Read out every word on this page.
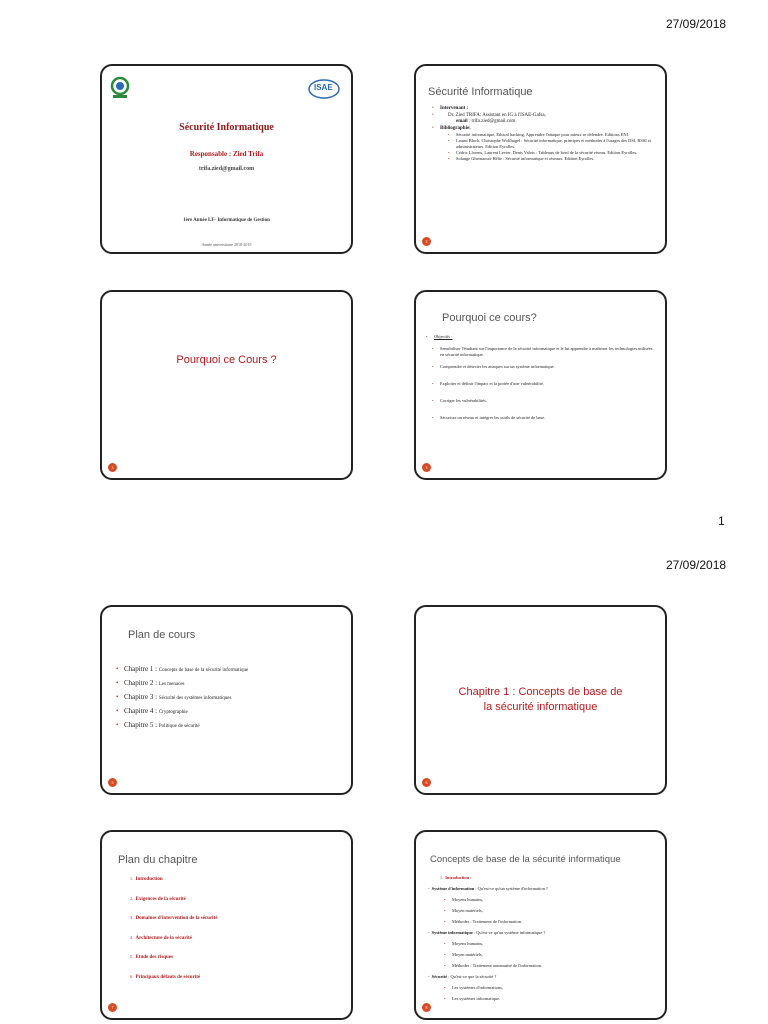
27/09/2018
ISAE
Sécurité Informatique
Responsable : Zied Trifa
trifa.zied@gmail.com
1ère Année LF- Informatique de Gestion
Année universitaire 2018-2019
Sécurité Informatique
• Intervenant :
• Dr. Zied TRIFA: Assistant en IG à l'ISAE-Gafsa,
email : trifa.zied@gmail.com
• Bibliographie:
• Sécurité informatique, Ethical hacking, Apprendre l'attaque pour mieux se défendre. Editions ENI.
• Laurnt Bloch, Christophe Wolfhugel : Sécurité informatique, principes et méthodes à l'usages des DSI, RSSI et administrateurs. Edition Eyrolles.
• Cédric Llorens, Laurent Levier, Denis Valois : Tableaux de bord de la sécurité réseau. Edition Eyrolles.
• Solange Ghernaouti-Hélie : Sécurité informatique et réseaux. Edition Eyrolles.
2
Pourquoi ce Cours ?
3
Pourquoi ce cours?
• Objectifs :
• Sensibiliser l'étudiant sur l'importance de la sécurité informatique et le lui apprendre à maîtriser les technologies utilisées en sécurité informatique.
• Comprendre et détecter les attaques sur un système informatique.
• Exploiter et définir l'impact et la portée d'une vulnérabilité.
• Corriger les vulnérabilités.
• Sécuriser un réseau et intégrer les outils de sécurité de base.
4
1
27/09/2018
Plan de cours
• Chapitre 1 : Concepts de base de la sécurité informatique
• Chapitre 2 : Les menaces
• Chapitre 3 : Sécurité des systèmes informatiques
• Chapitre 4 : Cryptographie
• Chapitre 5 : Politique de sécurité
5
Chapitre 1 : Concepts de base de
la sécurité informatique
6
Plan du chapitre
1. Introduction
2. Exigences de la sécurité
3. Domaines d'intervention de la sécurité
4. Architecture de la sécurité
5. Etude des risques
6. Principaux défauts de sécurité
7
Concepts de base de la sécurité informatique
1. Introduction :
-  Système d'information : Qu'est-ce qu'un système d'information ?
• Moyens humains,
• Moyen matériels,
• Méthodes : Traitement de l'information.
-  Système informatique : Qu'est-ce qu'un système informatique ?
• Moyens humains,
• Moyen matériels,
• Méthodes : Traitement automatisé de l'information.
-  Sécurité : Qu'est-ce que la sécurité ?
• Les systèmes d'informations,
• Les systèmes informatique.
8
